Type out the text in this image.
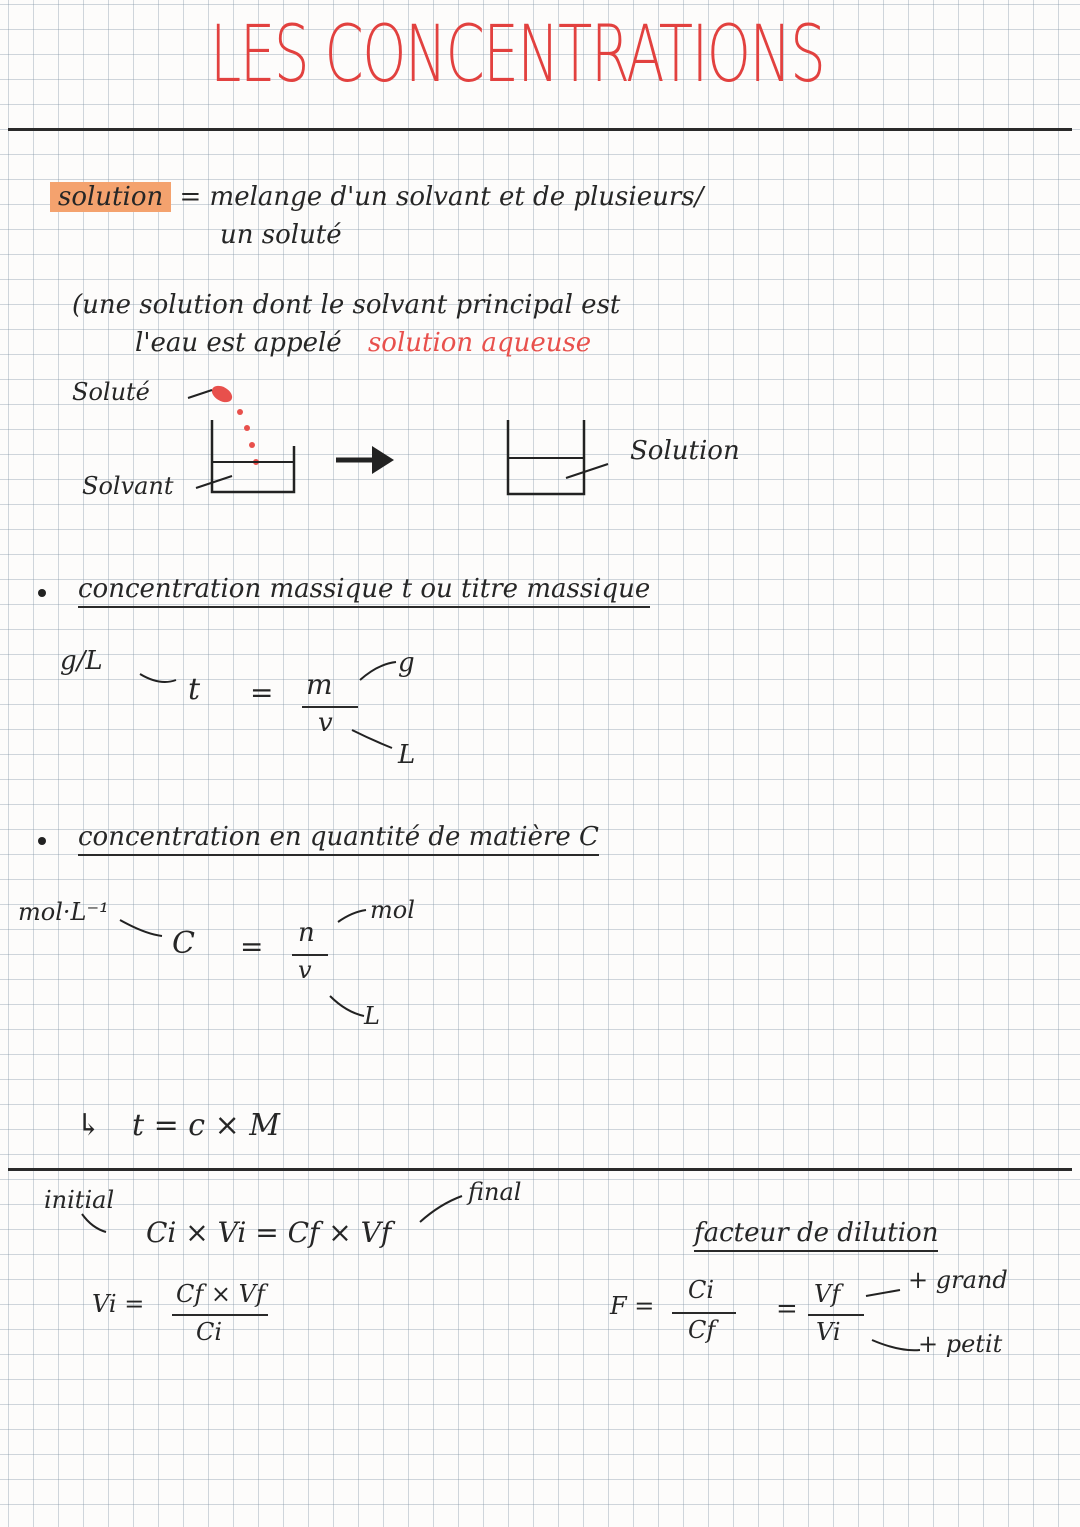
LES CONCENTRATIONS
solution = melange d'un solvant et de plusieurs/
un soluté
(une solution dont le solvant principal est
l'eau est appelé solution aqueuse
Soluté
Solvant
Solution
concentration massique t ou titre massique
g/L
t = m
v
g
L
concentration en quantité de matière C
mol·L⁻¹
C = n
v
mol
L
↳ t = c × M
initial	final
Ci × Vi = Cf × Vf
Vi = Cf × Vf
Ci
facteur de dilution
F =
Ci
Cf
= Vf
Vi
+ grand
+ petit
